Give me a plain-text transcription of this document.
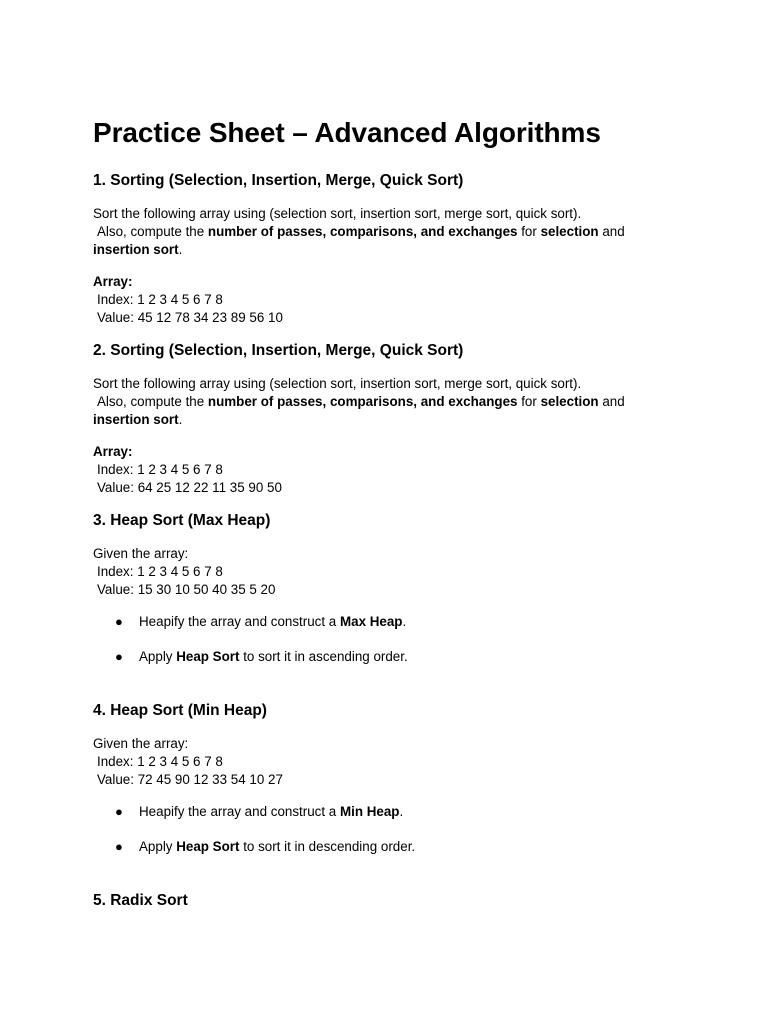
Practice Sheet – Advanced Algorithms
1. Sorting (Selection, Insertion, Merge, Quick Sort)

Sort the following array using (selection sort, insertion sort, merge sort, quick sort).
Also, compute the number of passes, comparisons, and exchanges for selection and
insertion sort.

Array:
Index: 1 2 3 4 5 6 7 8
Value: 45 12 78 34 23 89 56 10

2. Sorting (Selection, Insertion, Merge, Quick Sort)

Sort the following array using (selection sort, insertion sort, merge sort, quick sort).
Also, compute the number of passes, comparisons, and exchanges for selection and
insertion sort.

Array:
Index: 1 2 3 4 5 6 7 8
Value: 64 25 12 22 11 35 90 50

3. Heap Sort (Max Heap)

Given the array:
Index: 1 2 3 4 5 6 7 8
Value: 15 30 10 50 40 35 5 20

● Heapify the array and construct a Max Heap.
● Apply Heap Sort to sort it in ascending order.
4. Heap Sort (Min Heap)

Given the array:
Index: 1 2 3 4 5 6 7 8
Value: 72 45 90 12 33 54 10 27

● Heapify the array and construct a Min Heap.
● Apply Heap Sort to sort it in descending order.
5. Radix Sort
